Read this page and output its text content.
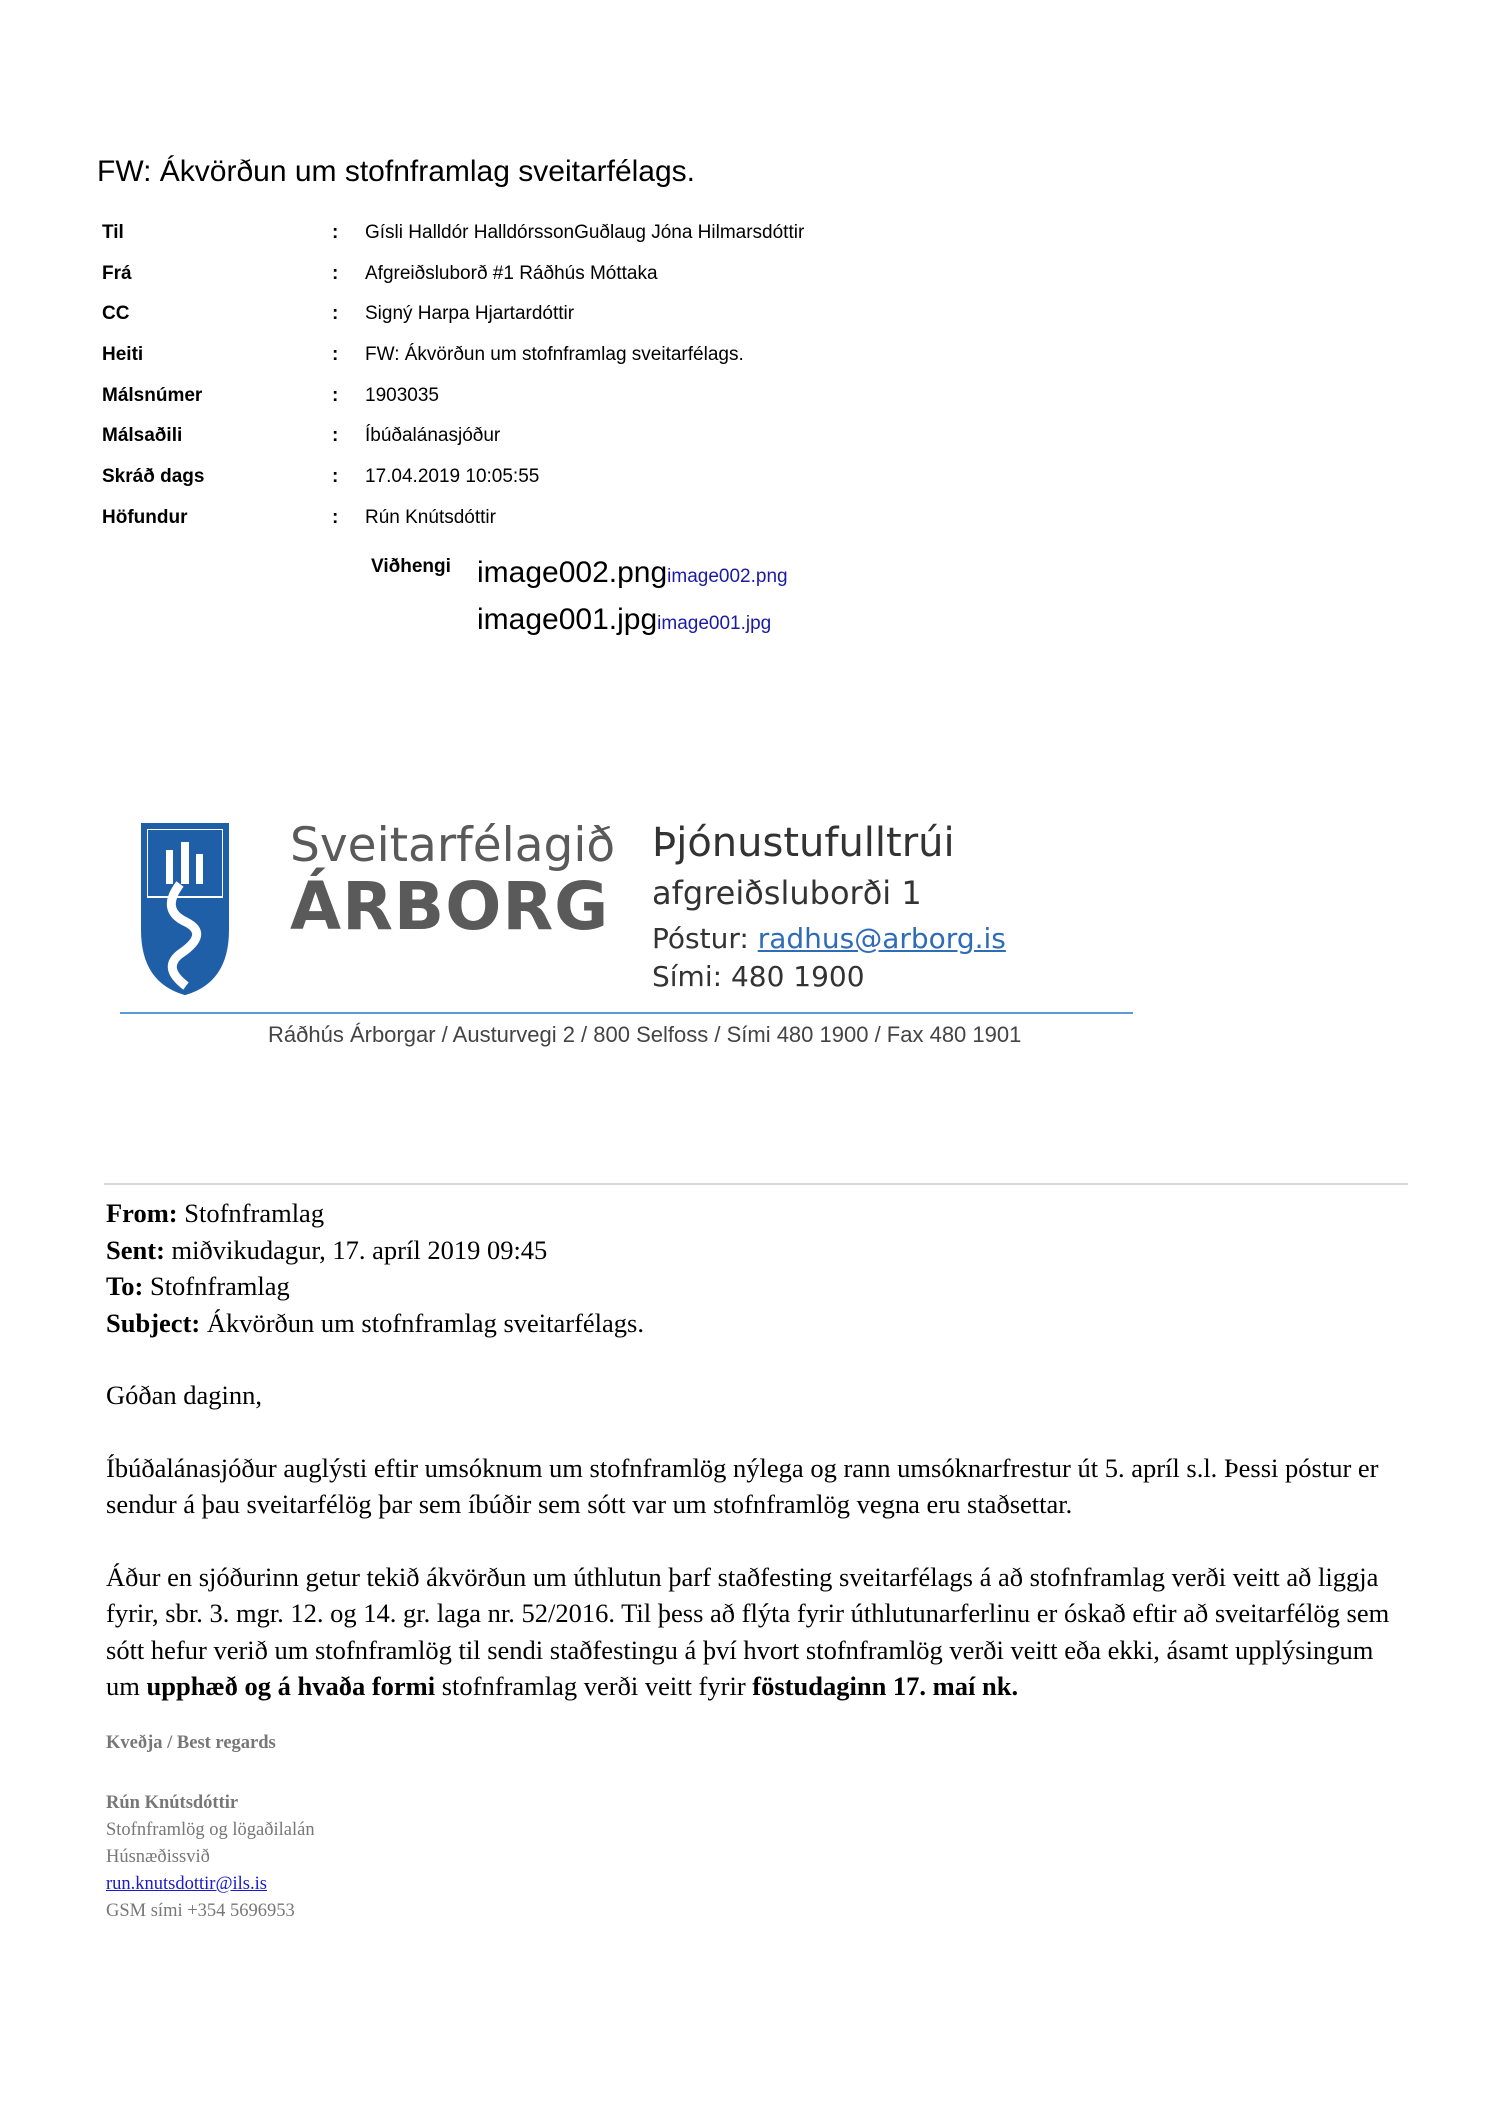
FW: Ákvörðun um stofnframlag sveitarfélags.
Til	: Gísli Halldór HalldórssonGuðlaug Jóna Hilmarsdóttir
Frá	: Afgreiðsluborð #1 Ráðhús Móttaka
CC	: Signý Harpa Hjartardóttir
Heiti	: FW: Ákvörðun um stofnframlag sveitarfélags.
Málsnúmer	: 1903035
Málsaðili	: Íbúðalánasjóður
Skráð dags	: 17.04.2019 10:05:55
Höfundur	: Rún Knútsdóttir
Viðhengi image002.pngimage002.png
image001.jpgimage001.jpg
Sveitarfélagið
ÁRBORG
Þjónustufulltrúi
afgreiðsluborði 1
Póstur: radhus@arborg.is
Sími: 480 1900
Ráðhús Árborgar / Austurvegi 2 / 800 Selfoss / Sími 480 1900 / Fax 480 1901
From: Stofnframlag
Sent: miðvikudagur, 17. apríl 2019 09:45
To: Stofnframlag
Subject: Ákvörðun um stofnframlag sveitarfélags.

Góðan daginn,

Íbúðalánasjóður auglýsti eftir umsóknum um stofnframlög nýlega og rann umsóknarfrestur út 5. apríl s.l. Þessi póstur er sendur á þau sveitarfélög þar sem íbúðir sem sótt var um stofnframlög vegna eru staðsettar.

Áður en sjóðurinn getur tekið ákvörðun um úthlutun þarf staðfesting sveitarfélags á að stofnframlag verði veitt að liggja fyrir, sbr. 3. mgr. 12. og 14. gr. laga nr. 52/2016. Til þess að flýta fyrir úthlutunarferlinu er óskað eftir að sveitarfélög sem sótt hefur verið um stofnframlög til sendi staðfestingu á því hvort stofnframlög verði veitt eða ekki, ásamt upplýsingum um upphæð og á hvaða formi stofnframlag verði veitt fyrir föstudaginn 17. maí nk.

Kveðja / Best regards
Rún Knútsdóttir
Stofnframlög og lögaðilalán
Húsnæðissvið
run.knutsdottir@ils.is
GSM sími +354 5696953
